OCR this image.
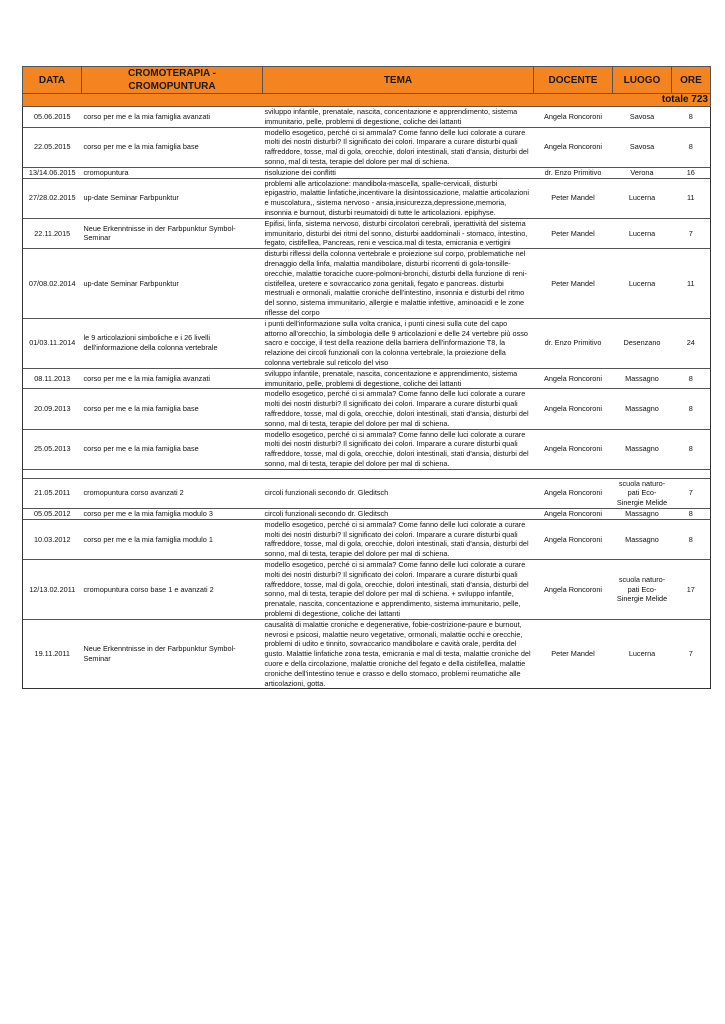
DATA	CROMOTERAPIA - CROMOPUNTURA	TEMA	DOCENTE	LUOGO	ORE
totale 723					
05.06.2015	corso per me e la mia famiglia avanzati	sviluppo infantile, prenatale, nascita, concentazione e apprendimento, sistema immunitario, pelle, problemi di degestione, coliche dei lattanti	Angela Roncoroni	Savosa	8
22.05.2015	corso per me e la mia famiglia base	modello esogetico, perché ci si ammala? Come fanno delle luci colorate a curare molti dei nostri disturbi? Il significato dei colori. Imparare a curare disturbi quali raffreddore, tosse, mal di gola, orecchie, dolori intestinali, stati d'ansia, disturbi del sonno, mal di testa, terapie del dolore per mal di schiena.	Angela Roncoroni	Savosa	8
13/14.06.2015	cromopuntura	risoluzione dei conflitti	dr. Enzo Primitivo	Verona	16
27/28.02.2015	up-date Seminar Farbpunktur	problemi alle articolazione: mandibola-mascella, spalle-cervicali, disturbi epigastrio, malattie linfatiche,incentivare la disintossicazione, malattie articolazioni e muscolatura,, sistema nervoso - ansia,insicurezza,depressione,memoria, insonnia e burnout, disturbi reumatoidi di tutte le articolazioni. epiphyse.	Peter Mandel	Lucerna	11
22.11.2015	Neue Erkenntnisse in der Farbpunktur Symbol-Seminar	Epifisi, linfa, sistema nervoso, disturbi circolatori cerebrali, iperattività del sistema immunitario, disturbi dei ritmi del sonno, disturbi aaddominali - stomaco, intestino, fegato, cistifellea, Pancreas, reni e vescica.mal di testa, emicrania e vertigini	Peter Mandel	Lucerna	7
07/08.02.2014	up-date Seminar Farbpunktur	disturbi riflessi della colonna vertebrale e proiezione sul corpo, problematiche nel drenaggio della linfa, malattia mandibolare, disturbi ricorrenti di gola-tonsille-orecchie, malattie toraciche cuore-polmoni-bronchi, disturbi della funzione di reni-cistifellea, uretere e sovraccarico zona genitali, fegato e pancreas. disturbi mestruali e ormonali, malattie croniche dell'intestino, insonnia e disturbi del ritmo del sonno, sistema immunitario, allergie e malattie infettive, aminoacidi e le zone riflesse del corpo	Peter Mandel	Lucerna	11
01/03.11.2014	le 9 articolazioni simboliche e i 26 livelli dell'informazione della colonna vertebrale	i punti dell'informazione sulla volta cranica, i punti cinesi sulla cute del capo attorno all'orecchio, la simbologia delle 9 articolazioni e delle 24 vertebre più osso sacro e coccige, il test della reazione della barriera dell'informazione T8, la relazione dei circoli funzionali con la colonna vertebrale, la proiezione della colonna vertebrale sul reticolo del viso	dr. Enzo Primitivo	Desenzano	24
08.11.2013	corso per me e la mia famiglia avanzati	sviluppo infantile, prenatale, nascita, concentazione e apprendimento, sistema immunitario, pelle, problemi di degestione, coliche dei lattanti	Angela Roncoroni	Massagno	8
20.09.2013	corso per me e la mia famiglia base	modello esogetico, perché ci si ammala? Come fanno delle luci colorate a curare molti dei nostri disturbi? Il significato dei colori. Imparare a curare disturbi quali raffreddore, tosse, mal di gola, orecchie, dolori intestinali, stati d'ansia, disturbi del sonno, mal di testa, terapie del dolore per mal di schiena.	Angela Roncoroni	Massagno	8
25.05.2013	corso per me e la mia famiglia base	modello esogetico, perché ci si ammala? Come fanno delle luci colorate a curare molti dei nostri disturbi? Il significato dei colori. Imparare a curare disturbi quali raffreddore, tosse, mal di gola, orecchie, dolori intestinali, stati d'ansia, disturbi del sonno, mal di testa, terapie del dolore per mal di schiena.	Angela Roncoroni	Massagno	8

21.05.2011	cromopuntura corso avanzati 2	circoli funzionali secondo dr. Gleditsch	Angela Roncoroni	scuola naturo-pati Eco-Sinergie Melide	7
05.05.2012	corso per me e la mia famiglia modulo 3	circoli funzionali secondo dr. Gleditsch	Angela Roncoroni	Massagno	8
10.03.2012	corso per me e la mia famiglia modulo 1	modello esogetico, perché ci si ammala? Come fanno delle luci colorate a curare molti dei nostri disturbi? Il significato dei colori. Imparare a curare disturbi quali raffreddore, tosse, mal di gola, orecchie, dolori intestinali, stati d'ansia, disturbi del sonno, mal di testa, terapie del dolore per mal di schiena.	Angela Roncoroni	Massagno	8
12/13.02.2011	cromopuntura corso base 1 e avanzati 2	modello esogetico, perché ci si ammala? Come fanno delle luci colorate a curare molti dei nostri disturbi? Il significato dei colori. Imparare a curare disturbi quali raffreddore, tosse, mal di gola, orecchie, dolori intestinali, stati d'ansia, disturbi del sonno, mal di testa, terapie del dolore per mal di schiena. + sviluppo infantile, prenatale, nascita, concentazione e apprendimento, sistema immunitario, pelle, problemi di degestione, coliche dei lattanti	Angela Roncoroni	scuola naturo-pati Eco-Sinergie Melide	17
19.11.2011	Neue Erkenntnisse in der Farbpunktur Symbol-Seminar	causalità di malattie croniche e degenerative, fobie-costrizione-paure e burnout, nevrosi e psicosi, malattie neuro vegetative, ormonali, malattie occhi e orecchie, problemi di udito e tinnito, sovraccarico mandibolare e cavità orale, perdita del gusto. Malattie linfatiche zona testa, emicrania e mal di testa, malattie croniche del cuore e della circolazione, malattie croniche del fegato e della cistifellea, malattie croniche dell'intestino tenue e crasso e dello stomaco, problemi reumatiche alle articolazioni, gotta.	Peter Mandel	Lucerna	7
